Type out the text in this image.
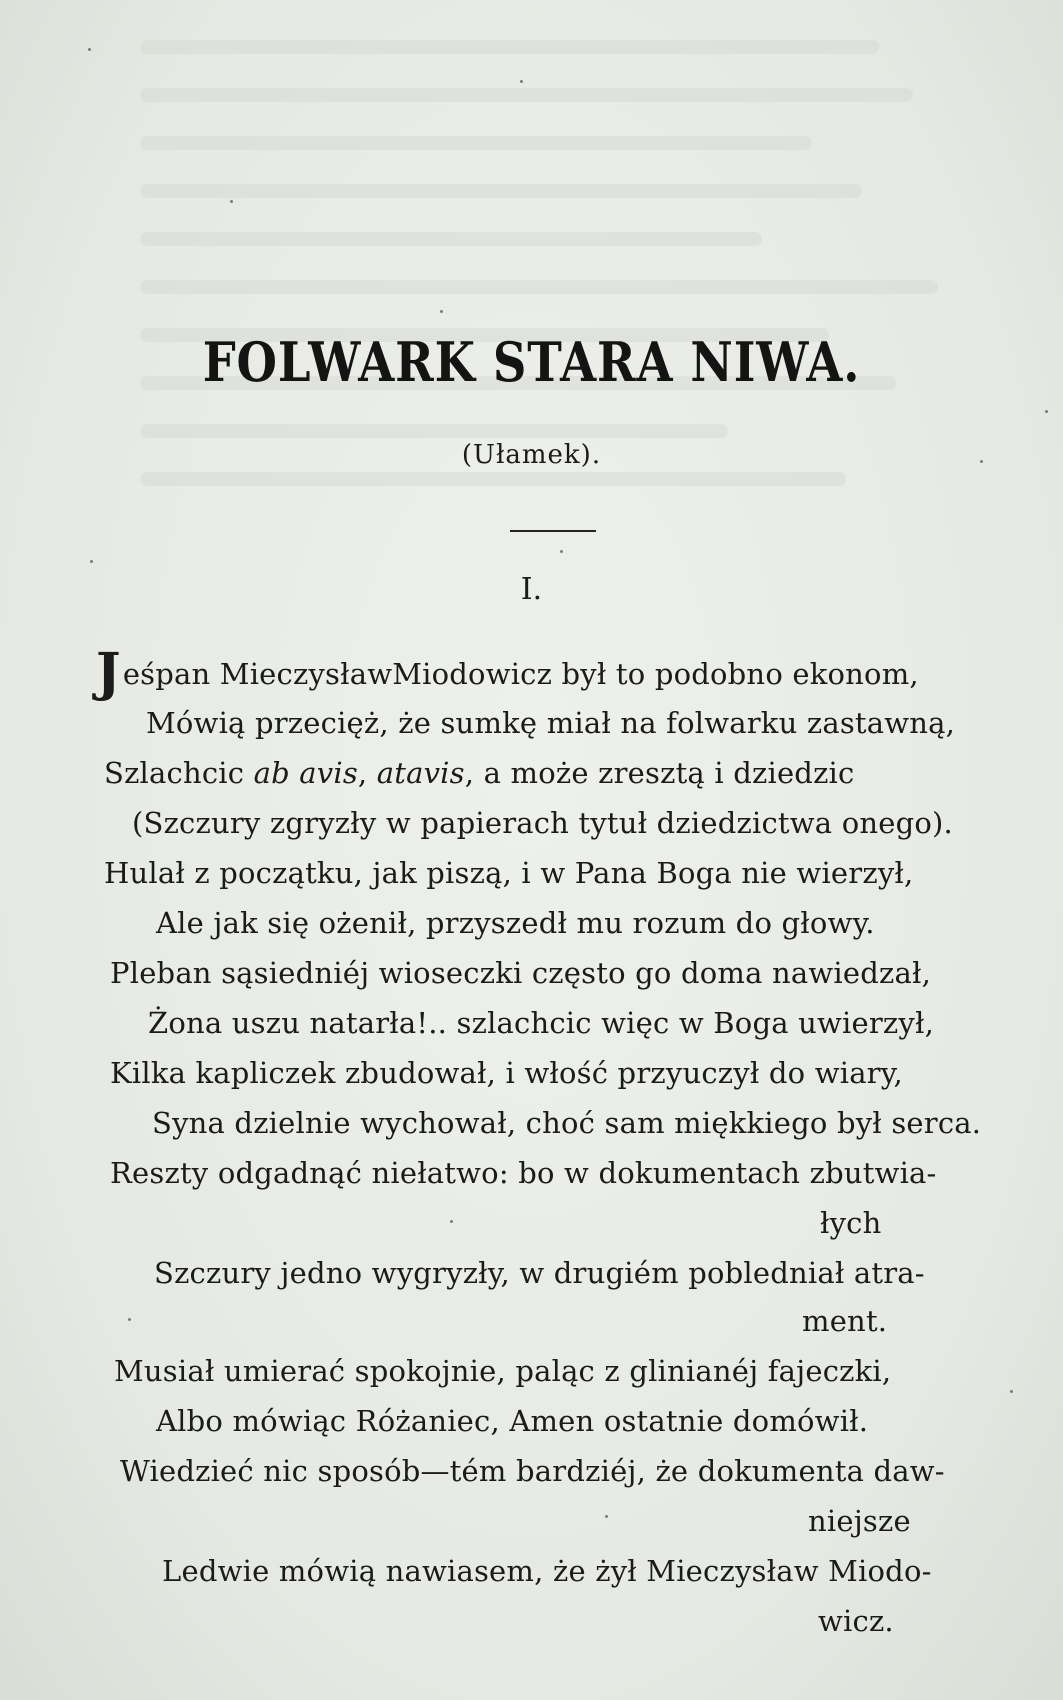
FOLWARK STARA NIWA.
(Ułamek).
I.
Jeśpan MieczysławMiodowicz był to podobno ekonom,
Mówią przecięż, że sumkę miał na folwarku zastawną,
Szlachcic ab avis, atavis, a może zresztą i dziedzic
(Szczury zgryzły w papierach tytuł dziedzictwa onego).
Hulał z początku, jak piszą, i w Pana Boga nie wierzył,
Ale jak się ożenił, przyszedł mu rozum do głowy.
Pleban sąsiedniéj wioseczki często go doma nawiedzał,
Żona uszu natarła!.. szlachcic więc w Boga uwierzył,
Kilka kapliczek zbudował, i włość przyuczył do wiary,
Syna dzielnie wychował, choć sam miękkiego był serca.
Reszty odgadnąć niełatwo: bo w dokumentach zbutwia-
łych
Szczury jedno wygryzły, w drugiém pobledniał atra-
ment.
Musiał umierać spokojnie, paląc z glinianéj fajeczki,
Albo mówiąc Różaniec, Amen ostatnie domówił.
Wiedzieć nic sposób—tém bardziéj, że dokumenta daw-
niejsze
Ledwie mówią nawiasem, że żył Mieczysław Miodo-
wicz.
